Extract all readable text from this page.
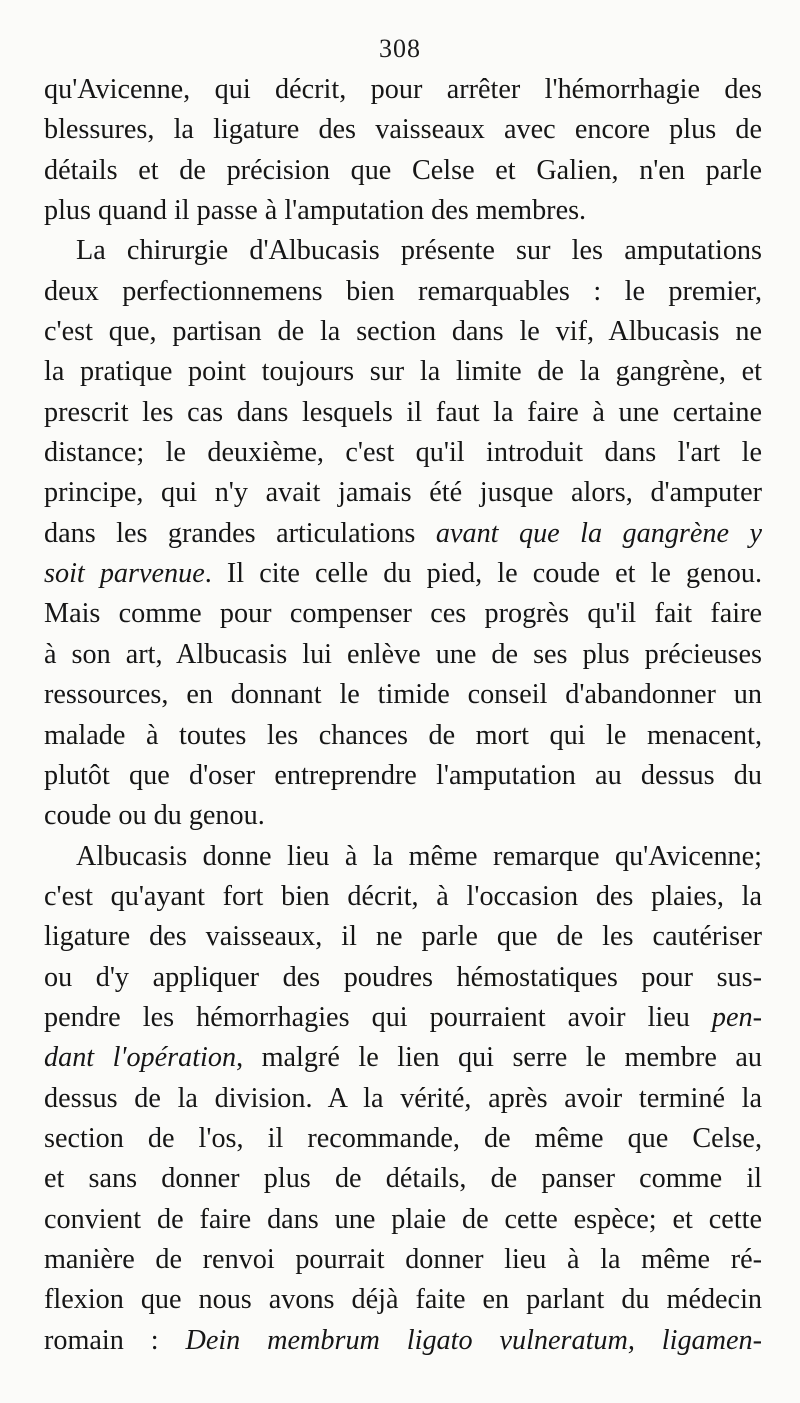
308
qu'Avicenne, qui décrit, pour arrêter l'hémorrhagie des
blessures, la ligature des vaisseaux avec encore plus de
détails et de précision que Celse et Galien, n'en parle
plus quand il passe à l'amputation des membres.
La chirurgie d'Albucasis présente sur les amputations
deux perfectionnemens bien remarquables : le premier,
c'est que, partisan de la section dans le vif, Albucasis ne
la pratique point toujours sur la limite de la gangrène, et
prescrit les cas dans lesquels il faut la faire à une certaine
distance; le deuxième, c'est qu'il introduit dans l'art le
principe, qui n'y avait jamais été jusque alors, d'amputer
dans les grandes articulations avant que la gangrène y
soit parvenue. Il cite celle du pied, le coude et le genou.
Mais comme pour compenser ces progrès qu'il fait faire
à son art, Albucasis lui enlève une de ses plus précieuses
ressources, en donnant le timide conseil d'abandonner un
malade à toutes les chances de mort qui le menacent,
plutôt que d'oser entreprendre l'amputation au dessus du
coude ou du genou.
Albucasis donne lieu à la même remarque qu'Avicenne;
c'est qu'ayant fort bien décrit, à l'occasion des plaies, la
ligature des vaisseaux, il ne parle que de les cautériser
ou d'y appliquer des poudres hémostatiques pour sus-
pendre les hémorrhagies qui pourraient avoir lieu pen-
dant l'opération, malgré le lien qui serre le membre au
dessus de la division. A la vérité, après avoir terminé la
section de l'os, il recommande, de même que Celse,
et sans donner plus de détails, de panser comme il
convient de faire dans une plaie de cette espèce; et cette
manière de renvoi pourrait donner lieu à la même ré-
flexion que nous avons déjà faite en parlant du médecin
romain : Dein membrum ligato vulneratum, ligamen-
